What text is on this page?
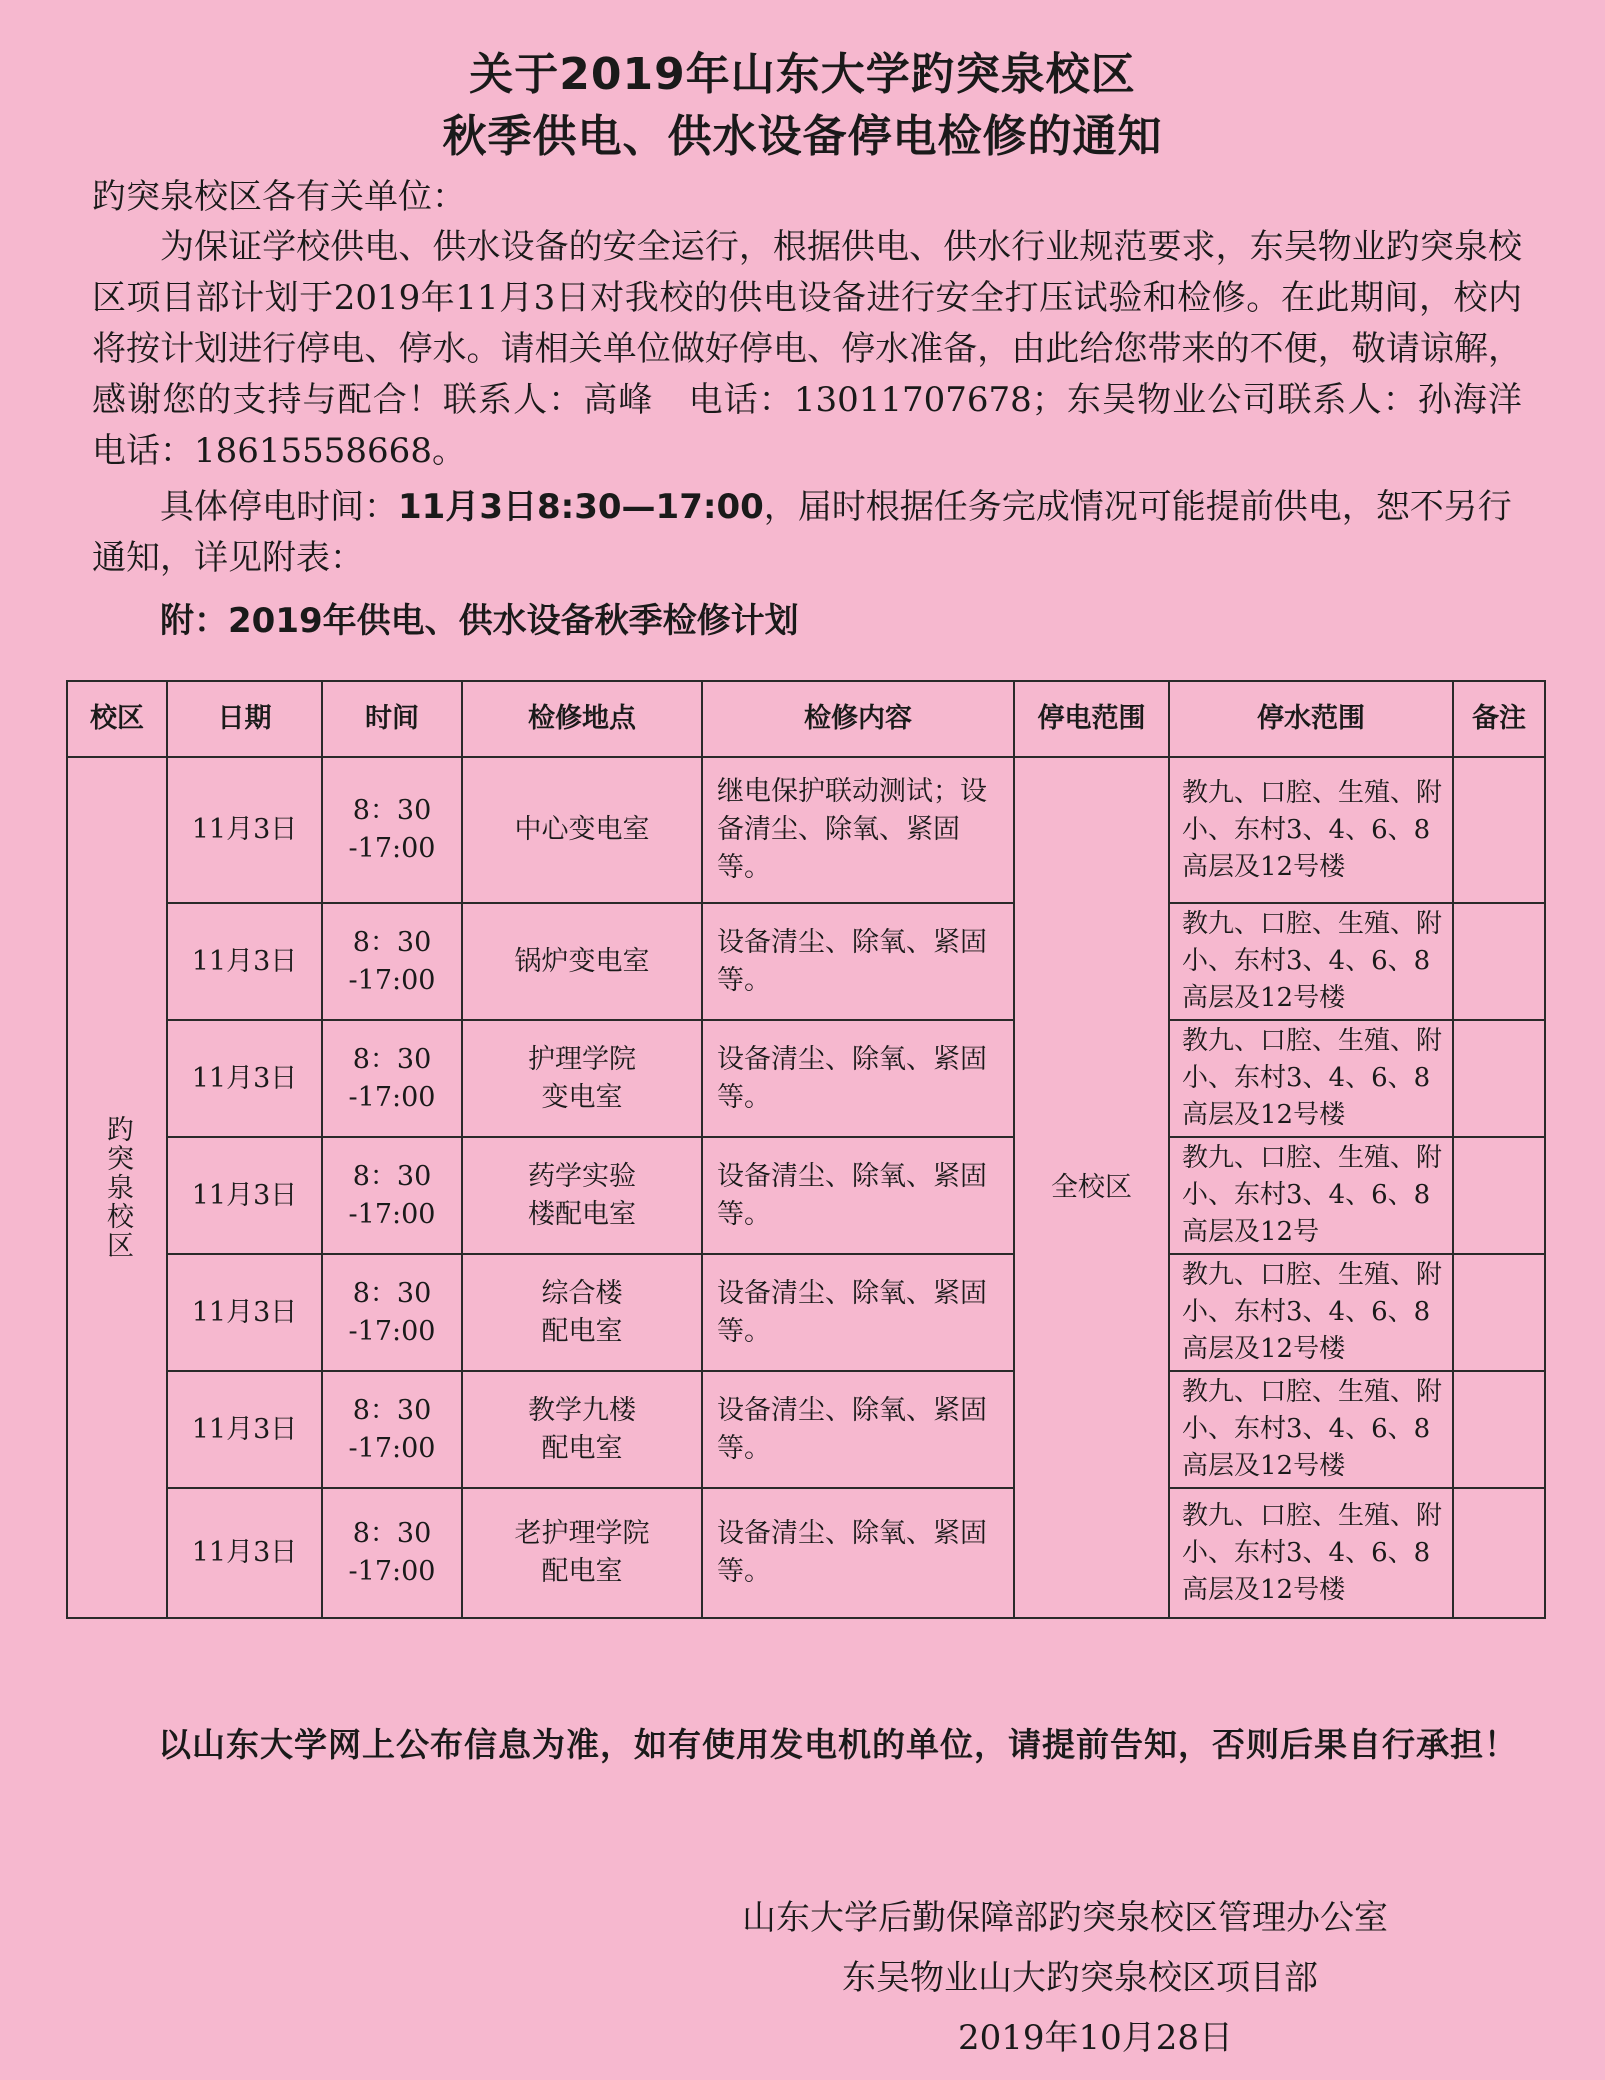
关于2019年山东大学趵突泉校区
秋季供电、供水设备停电检修的通知
趵突泉校区各有关单位：
为保证学校供电、供水设备的安全运行，根据供电、供水行业规范要求，东吴物业趵突泉校区项目部计划于2019年11月3日对我校的供电设备进行安全打压试验和检修。在此期间，校内将按计划进行停电、停水。请相关单位做好停电、停水准备，由此给您带来的不便，敬请谅解，感谢您的支持与配合！联系人：高峰　电话：13011707678；东吴物业公司联系人：孙海洋　电话：18615558668。
具体停电时间：11月3日8:30—17:00，届时根据任务完成情况可能提前供电，恕不另行通知，详见附表：
附：2019年供电、供水设备秋季检修计划
校区	日期	时间	检修地点	检修内容	停电范围	停水范围	备注
趵突泉校区	11月3日	8：30
-17:00	中心变电室	继电保护联动测试；设备清尘、除氧、紧固等。	全校区	教九、口腔、生殖、附小、东村3、4、6、8高层及12号楼	
	11月3日	8：30
-17:00	锅炉变电室	设备清尘、除氧、紧固等。		教九、口腔、生殖、附小、东村3、4、6、8高层及12号楼	
	11月3日	8：30
-17:00	护理学院
变电室	设备清尘、除氧、紧固等。		教九、口腔、生殖、附小、东村3、4、6、8高层及12号楼	
	11月3日	8：30
-17:00	药学实验
楼配电室	设备清尘、除氧、紧固等。		教九、口腔、生殖、附小、东村3、4、6、8高层及12号	
	11月3日	8：30
-17:00	综合楼
配电室	设备清尘、除氧、紧固等。		教九、口腔、生殖、附小、东村3、4、6、8高层及12号楼	
	11月3日	8：30
-17:00	教学九楼
配电室	设备清尘、除氧、紧固等。		教九、口腔、生殖、附小、东村3、4、6、8高层及12号楼	
	11月3日	8：30
-17:00	老护理学院
配电室	设备清尘、除氧、紧固等。		教九、口腔、生殖、附小、东村3、4、6、8高层及12号楼	
以山东大学网上公布信息为准，如有使用发电机的单位，请提前告知，否则后果自行承担！
山东大学后勤保障部趵突泉校区管理办公室
东吴物业山大趵突泉校区项目部
2019年10月28日
